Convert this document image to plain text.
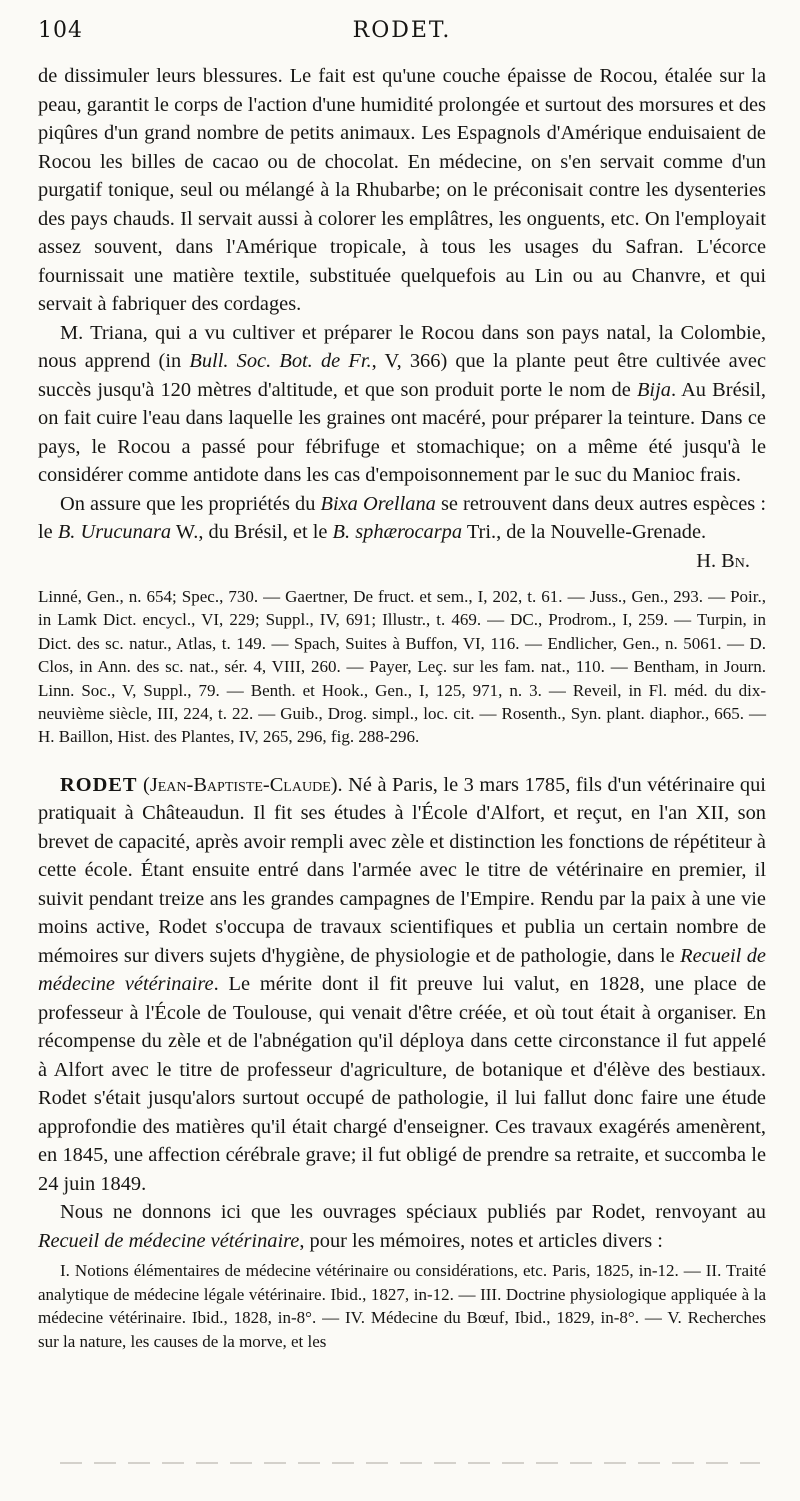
104	RODET.

de dissimuler leurs blessures. Le fait est qu'une couche épaisse de Rocou, étalée sur la peau, garantit le corps de l'action d'une humidité prolongée et surtout des morsures et des piqûres d'un grand nombre de petits animaux. Les Espagnols d'Amérique enduisaient de Rocou les billes de cacao ou de chocolat. En médecine, on s'en servait comme d'un purgatif tonique, seul ou mélangé à la Rhubarbe; on le préconisait contre les dysenteries des pays chauds. Il servait aussi à colorer les emplâtres, les onguents, etc. On l'employait assez souvent, dans l'Amérique tropicale, à tous les usages du Safran. L'écorce fournissait une matière textile, substituée quelquefois au Lin ou au Chanvre, et qui servait à fabriquer des cordages.

M. Triana, qui a vu cultiver et préparer le Rocou dans son pays natal, la Colombie, nous apprend (in Bull. Soc. Bot. de Fr., V, 366) que la plante peut être cultivée avec succès jusqu'à 120 mètres d'altitude, et que son produit porte le nom de Bija. Au Brésil, on fait cuire l'eau dans laquelle les graines ont macéré, pour préparer la teinture. Dans ce pays, le Rocou a passé pour fébrifuge et stomachique; on a même été jusqu'à le considérer comme antidote dans les cas d'empoisonnement par le suc du Manioc frais.

On assure que les propriétés du Bixa Orellana se retrouvent dans deux autres espèces : le B. Urucunara W., du Brésil, et le B. sphærocarpa Tri., de la Nouvelle-Grenade.

H. Bn.
Linné, Gen., n. 654; Spec., 730. — Gaertner, De fruct. et sem., I, 202, t. 61. — Juss., Gen., 293. — Poir., in Lamk Dict. encycl., VI, 229; Suppl., IV, 691; Illustr., t. 469. — DC., Prodrom., I, 259. — Turpin, in Dict. des sc. natur., Atlas, t. 149. — Spach, Suites à Buffon, VI, 116. — Endlicher, Gen., n. 5061. — D. Clos, in Ann. des sc. nat., sér. 4, VIII, 260. — Payer, Leç. sur les fam. nat., 110. — Bentham, in Journ. Linn. Soc., V, Suppl., 79. — Benth. et Hook., Gen., I, 125, 971, n. 3. — Reveil, in Fl. méd. du dix-neuvième siècle, III, 224, t. 22. — Guib., Drog. simpl., loc. cit. — Rosenth., Syn. plant. diaphor., 665. — H. Baillon, Hist. des Plantes, IV, 265, 296, fig. 288-296.

RODET (Jean-Baptiste-Claude). Né à Paris, le 3 mars 1785, fils d'un vétérinaire qui pratiquait à Châteaudun. Il fit ses études à l'École d'Alfort, et reçut, en l'an XII, son brevet de capacité, après avoir rempli avec zèle et distinction les fonctions de répétiteur à cette école. Étant ensuite entré dans l'armée avec le titre de vétérinaire en premier, il suivit pendant treize ans les grandes campagnes de l'Empire. Rendu par la paix à une vie moins active, Rodet s'occupa de travaux scientifiques et publia un certain nombre de mémoires sur divers sujets d'hygiène, de physiologie et de pathologie, dans le Recueil de médecine vétérinaire. Le mérite dont il fit preuve lui valut, en 1828, une place de professeur à l'École de Toulouse, qui venait d'être créée, et où tout était à organiser. En récompense du zèle et de l'abnégation qu'il déploya dans cette circonstance il fut appelé à Alfort avec le titre de professeur d'agriculture, de botanique et d'élève des bestiaux. Rodet s'était jusqu'alors surtout occupé de pathologie, il lui fallut donc faire une étude approfondie des matières qu'il était chargé d'enseigner. Ces travaux exagérés amenèrent, en 1845, une affection cérébrale grave; il fut obligé de prendre sa retraite, et succomba le 24 juin 1849.

Nous ne donnons ici que les ouvrages spéciaux publiés par Rodet, renvoyant au Recueil de médecine vétérinaire, pour les mémoires, notes et articles divers :

I. Notions élémentaires de médecine vétérinaire ou considérations, etc. Paris, 1825, in-12. — II. Traité analytique de médecine légale vétérinaire. Ibid., 1827, in-12. — III. Doctrine physiologique appliquée à la médecine vétérinaire. Ibid., 1828, in-8°. — IV. Médecine du Bœuf, Ibid., 1829, in-8°. — V. Recherches sur la nature, les causes de la morve, et les
